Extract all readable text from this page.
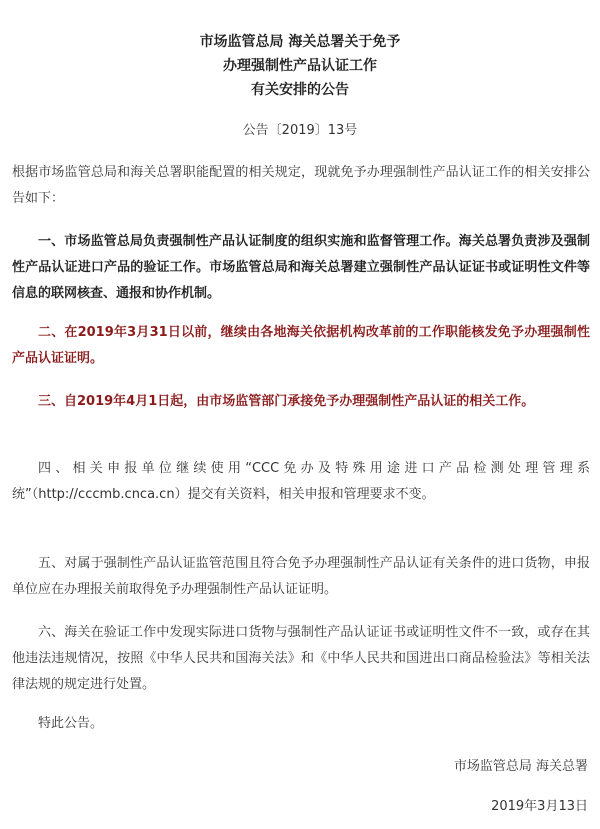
市场监管总局 海关总署关于免予
办理强制性产品认证工作
有关安排的公告
公告〔2019〕13号

根据市场监管总局和海关总署职能配置的相关规定，现就免予办理强制性产品认证工作的相关安排公告如下：

一、市场监管总局负责强制性产品认证制度的组织实施和监督管理工作。海关总署负责涉及强制性产品认证进口产品的验证工作。市场监管总局和海关总署建立强制性产品认证证书或证明性文件等信息的联网核查、通报和协作机制。

二、在2019年3月31日以前，继续由各地海关依据机构改革前的工作职能核发免予办理强制性产品认证证明。

三、自2019年4月1日起，由市场监管部门承接免予办理强制性产品认证的相关工作。

四、相关申报单位继续使用“CCC免办及特殊用途进口产品检测处理管理系统”（http://cccmb.cnca.cn）提交有关资料，相关申报和管理要求不变。

五、对属于强制性产品认证监管范围且符合免予办理强制性产品认证有关条件的进口货物，申报单位应在办理报关前取得免予办理强制性产品认证证明。

六、海关在验证工作中发现实际进口货物与强制性产品认证证书或证明性文件不一致，或存在其他违法违规情况，按照《中华人民共和国海关法》和《中华人民共和国进出口商品检验法》等相关法律法规的规定进行处置。

特此公告。

市场监管总局 海关总署
2019年3月13日
